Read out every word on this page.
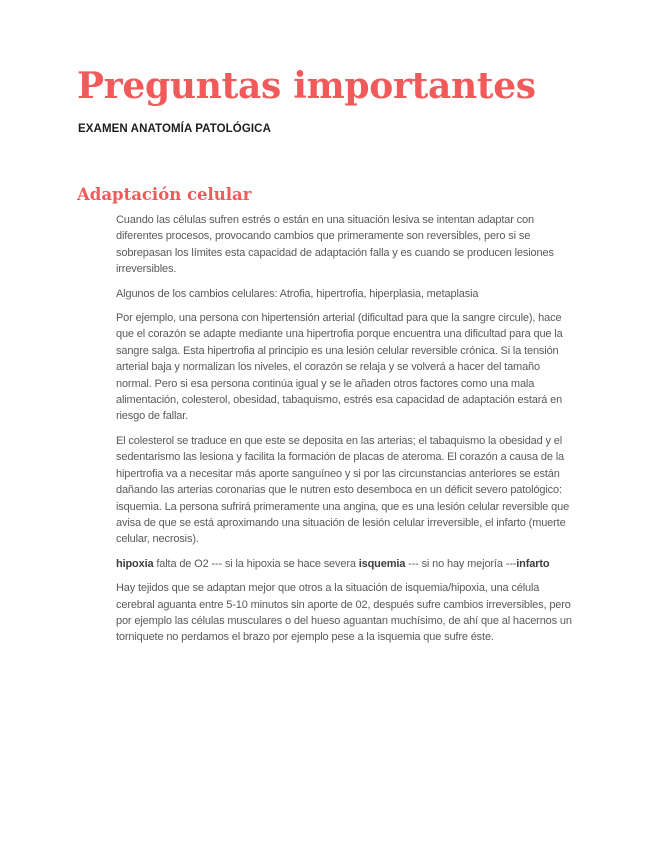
Preguntas importantes
EXAMEN ANATOMÍA PATOLÓGICA
Adaptación celular

Cuando las células sufren estrés o están en una situación lesiva se intentan adaptar con diferentes procesos, provocando cambios que primeramente son reversibles, pero si se sobrepasan los límites esta capacidad de adaptación falla y es cuando se producen lesiones irreversibles.

Algunos de los cambios celulares: Atrofia, hipertrofia, hiperplasia, metaplasia

Por ejemplo, una persona con hipertensión arterial (dificultad para que la sangre circule), hace que el corazón se adapte mediante una hipertrofia porque encuentra una dificultad para que la sangre salga. Esta hipertrofia al principio es una lesión celular reversible crónica. Si la tensión arterial baja y normalizan los niveles, el corazón se relaja y se volverá a hacer del tamaño normal. Pero si esa persona continúa igual y se le añaden otros factores como una mala alimentación, colesterol, obesidad, tabaquismo, estrés esa capacidad de adaptación estará en riesgo de fallar.

El colesterol se traduce en que este se deposita en las arterias; el tabaquismo la obesidad y el sedentarismo las lesiona y facilita la formación de placas de ateroma. El corazón a causa de la hipertrofia va a necesitar más aporte sanguíneo y si por las circunstancias anteriores se están dañando las arterias coronarias que le nutren esto desemboca en un déficit severo patológico: isquemia. La persona sufrirá primeramente una angina, que es una lesión celular reversible que avisa de que se está aproximando una situación de lesión celular irreversible, el infarto (muerte celular, necrosis).

hipoxia falta de O2 --- si la hipoxia se hace severa isquemia --- si no hay mejoría ---infarto

Hay tejidos que se adaptan mejor que otros a la situación de isquemia/hipoxia, una célula cerebral aguanta entre 5-10 minutos sin aporte de 02, después sufre cambios irreversibles, pero por ejemplo las células musculares o del hueso aguantan muchísimo, de ahí que al hacernos un torniquete no perdamos el brazo por ejemplo pese a la isquemia que sufre éste.
